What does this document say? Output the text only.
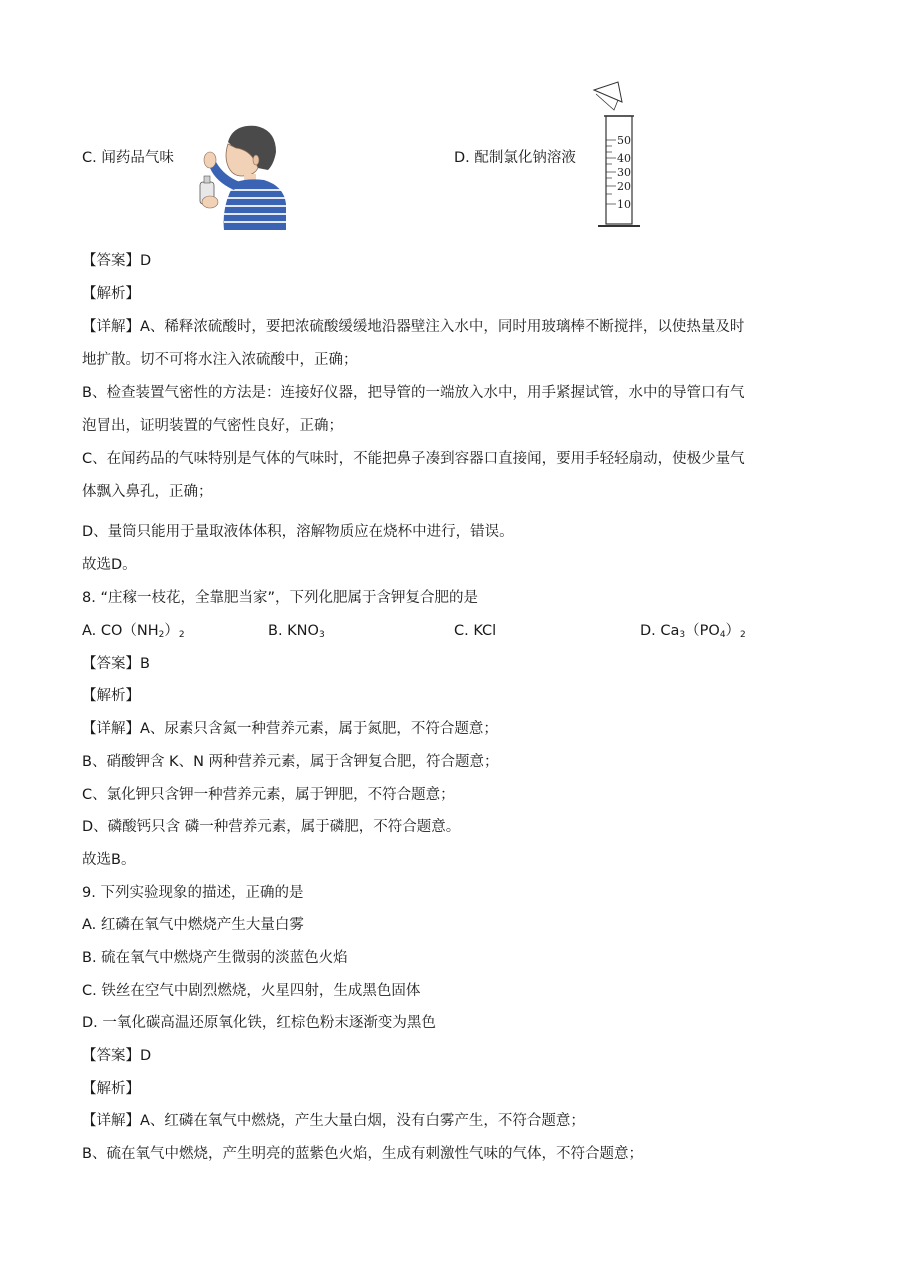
C. 闻药品气味	D. 配制氯化钠溶液
50
40
30
20
10
【答案】D
【解析】
【详解】A、稀释浓硫酸时，要把浓硫酸缓缓地沿器壁注入水中，同时用玻璃棒不断搅拌，以使热量及时
地扩散。切不可将水注入浓硫酸中，正确；
B、检查装置气密性的方法是：连接好仪器，把导管的一端放入水中，用手紧握试管，水中的导管口有气
泡冒出，证明装置的气密性良好，正确；
C、在闻药品的气味特别是气体的气味时，不能把鼻子凑到容器口直接闻，要用手轻轻扇动，使极少量气
体飘入鼻孔，正确；
D、量筒只能用于量取液体体积，溶解物质应在烧杯中进行，错误。
故选D。
8. “庄稼一枝花，全靠肥当家”，下列化肥属于含钾复合肥的是
A. $CO(NH_2)_2$	B. $KNO_3$	C. KCl	D. $Ca_3(PO_4)_2$
【答案】B
【解析】
【详解】A、尿素只含氮一种营养元素，属于氮肥，不符合题意；
B、硝酸钾含 K、N 两种营养元素，属于含钾复合肥，符合题意；
C、氯化钾只含钾一种营养元素，属于钾肥，不符合题意；
D、磷酸钙只含 磷一种营养元素，属于磷肥，不符合题意。
故选B。
9. 下列实验现象的描述，正确的是
A. 红磷在氧气中燃烧产生大量白雾
B. 硫在氧气中燃烧产生微弱的淡蓝色火焰
C. 铁丝在空气中剧烈燃烧，火星四射，生成黑色固体
D. 一氧化碳高温还原氧化铁，红棕色粉末逐渐变为黑色
【答案】D
【解析】
【详解】A、红磷在氧气中燃烧，产生大量白烟，没有白雾产生，不符合题意；
B、硫在氧气中燃烧，产生明亮的蓝紫色火焰，生成有刺激性气味的气体，不符合题意；
